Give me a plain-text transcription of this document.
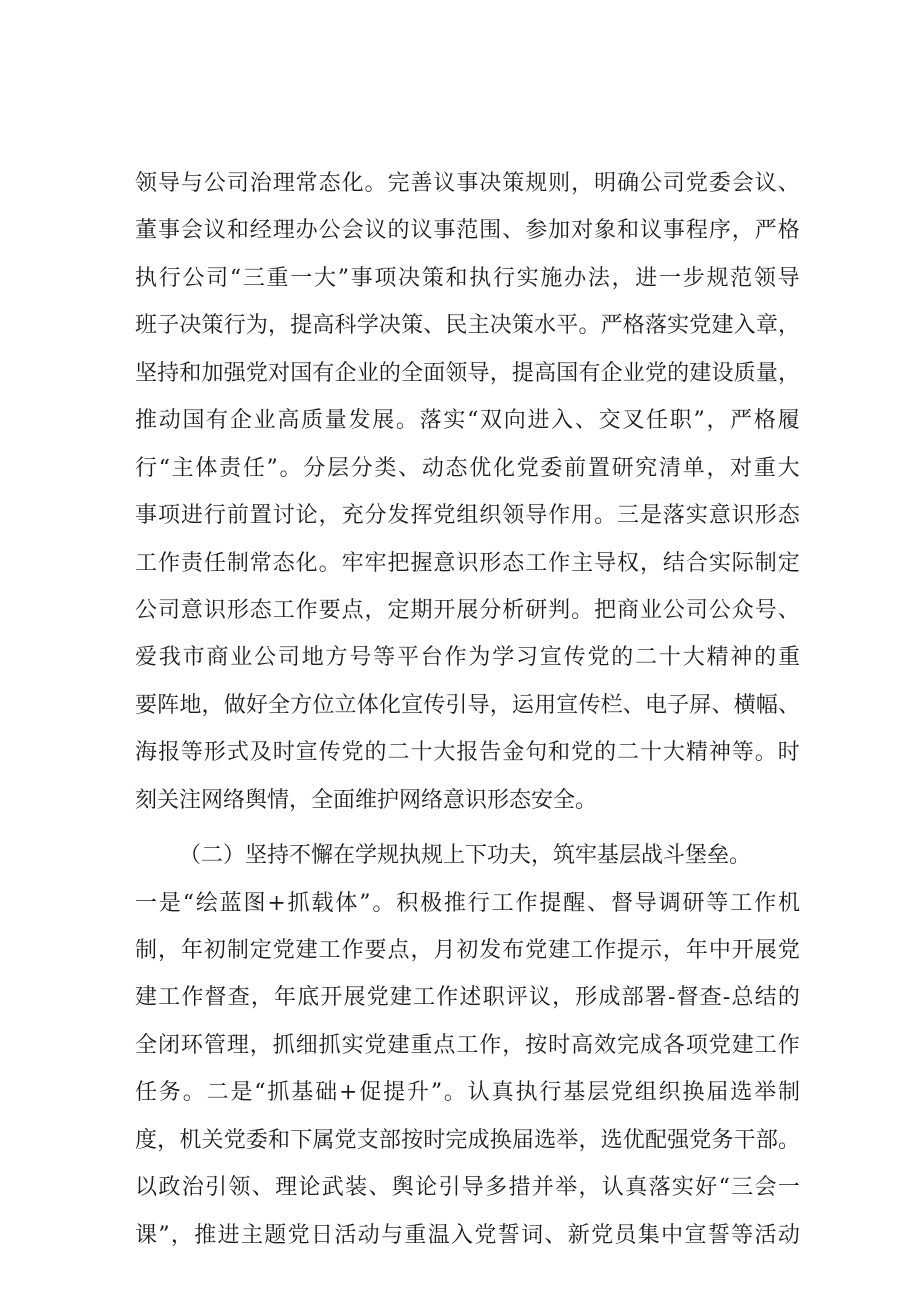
领 导 与 公 司 治 理 常 态 化 。 完 善 议 事 决 策 规 则 ， 明 确 公 司 党 委 会 议 、
董 事 会 议 和 经 理 办 公 会 议 的 议 事 范 围 、 参 加 对 象 和 议 事 程 序 ， 严 格
执 行 公 司 “ 三 重 一 大 ” 事 项 决 策 和 执 行 实 施 办 法 ， 进 一 步 规 范 领 导
班 子 决 策 行 为 ， 提 高 科 学 决 策 、 民 主 决 策 水 平 。 严 格 落 实 党 建 入 章 ，
坚 持 和 加 强 党 对 国 有 企 业 的 全 面 领 导 ， 提 高 国 有 企 业 党 的 建 设 质 量 ，
推 动 国 有 企 业 高 质 量 发 展 。 落 实 “ 双 向 进 入 、 交 叉 任 职 ” ， 严 格 履
行 “ 主 体 责 任 ” 。 分 层 分 类 、 动 态 优 化 党 委 前 置 研 究 清 单 ， 对 重 大
事 项 进 行 前 置 讨 论 ， 充 分 发 挥 党 组 织 领 导 作 用 。 三 是 落 实 意 识 形 态
工 作 责 任 制 常 态 化 。 牢 牢 把 握 意 识 形 态 工 作 主 导 权 ， 结 合 实 际 制 定
公 司 意 识 形 态 工 作 要 点 ， 定 期 开 展 分 析 研 判 。 把 商 业 公 司 公 众 号 、
爱 我 市 商 业 公 司 地 方 号 等 平 台 作 为 学 习 宣 传 党 的 二 十 大 精 神 的 重
要 阵 地 ， 做 好 全 方 位 立 体 化 宣 传 引 导 ， 运 用 宣 传 栏 、 电 子 屏 、 横 幅 、
海 报 等 形 式 及 时 宣 传 党 的 二 十 大 报 告 金 句 和 党 的 二 十 大 精 神 等 。 时
刻关注网络舆情，全面维护网络意识形态安全。
（二）坚持不懈在学规执规上下功夫，筑牢基层战斗堡垒。
一 是 “ 绘 蓝 图 + 抓 载 体 ” 。 积 极 推 行 工 作 提 醒 、 督 导 调 研 等 工 作 机
制 ， 年 初 制 定 党 建 工 作 要 点 ， 月 初 发 布 党 建 工 作 提 示 ， 年 中 开 展 党
建 工 作 督 查 ， 年 底 开 展 党 建 工 作 述 职 评 议 ， 形 成 部 署 - 督 查 - 总 结 的
全 闭 环 管 理 ， 抓 细 抓 实 党 建 重 点 工 作 ， 按 时 高 效 完 成 各 项 党 建 工 作
任 务 。 二 是 “ 抓 基 础 + 促 提 升 ” 。 认 真 执 行 基 层 党 组 织 换 届 选 举 制
度 ， 机 关 党 委 和 下 属 党 支 部 按 时 完 成 换 届 选 举 ， 选 优 配 强 党 务 干 部 。
以 政 治 引 领 、 理 论 武 装 、 舆 论 引 导 多 措 并 举 ， 认 真 落 实 好 “ 三 会 一
课 ” ， 推 进 主 题 党 日 活 动 与 重 温 入 党 誓 词 、 新 党 员 集 中 宣 誓 等 活 动
